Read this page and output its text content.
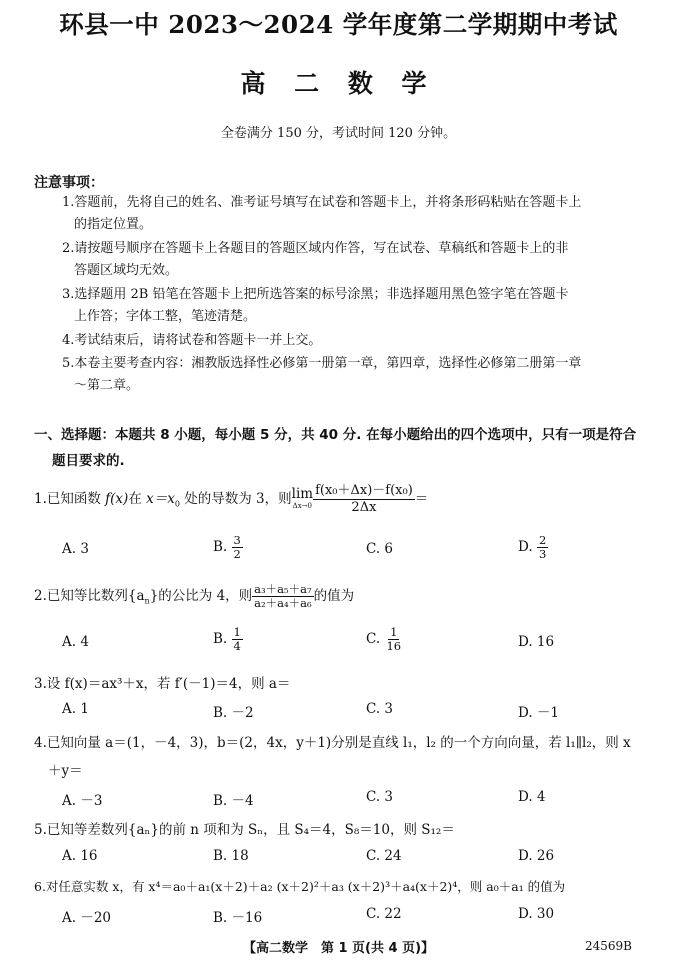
环县一中 2023～2024 学年度第二学期期中考试
高 二 数 学
全卷满分 150 分，考试时间 120 分钟。
注意事项：
1.答题前，先将自己的姓名、准考证号填写在试卷和答题卡上，并将条形码粘贴在答题卡上
的指定位置。
2.请按题号顺序在答题卡上各题目的答题区域内作答，写在试卷、草稿纸和答题卡上的非
答题区域均无效。
3.选择题用 2B 铅笔在答题卡上把所选答案的标号涂黑；非选择题用黑色签字笔在答题卡
上作答；字体工整，笔迹清楚。
4.考试结束后，请将试卷和答题卡一并上交。
5.本卷主要考查内容：湘教版选择性必修第一册第一章，第四章，选择性必修第二册第一章
～第二章。
一、选择题：本题共 8 小题，每小题 5 分，共 40 分. 在每小题给出的四个选项中，只有一项是符合
题目要求的.
1.已知函数 f(x)在 $x=x_0$ 处的导数为 3，则 lim
$\Delta x\to 0 \frac{\text{f(x₀＋Δx)－f(x₀)}}{2\Delta x}$ ＝
A. 3	B. $\frac{3}{2}$	C. 6	D. $\frac{2}{3}$
2.已知等比数列$\{a_n\}$的公比为 4，则 $\frac{\text{a₃＋a₅＋a₇}}{\text{a₂＋a₄＋a₆}}$ 的值为
A. 4	B. $\frac{1}{4}$	C. $\frac{1}{16}$	D. 16
3.设 f(x)＝ax³＋x，若 f′(－1)＝4，则 a＝
A. 1	B. －2	C. 3	D. －1
4.已知向量 a＝(1，－4，3)，b＝(2，4x，y＋1)分别是直线 l₁，l₂ 的一个方向向量，若 l₁∥l₂，则 x
＋y＝
A. －3	B. －4	C. 3	D. 4
5.已知等差数列{aₙ}的前 n 项和为 Sₙ，且 S₄＝4，S₈＝10，则 S₁₂＝
A. 16	B. 18	C. 24	D. 26
6.对任意实数 x，有 x⁴＝a₀＋a₁(x＋2)＋a₂ (x＋2)²＋a₃ (x＋2)³＋a₄(x＋2)⁴，则 a₀＋a₁ 的值为
A. －20	B. －16	C. 22	D. 30
【高二数学　第 1 页(共 4 页)】	24569B
